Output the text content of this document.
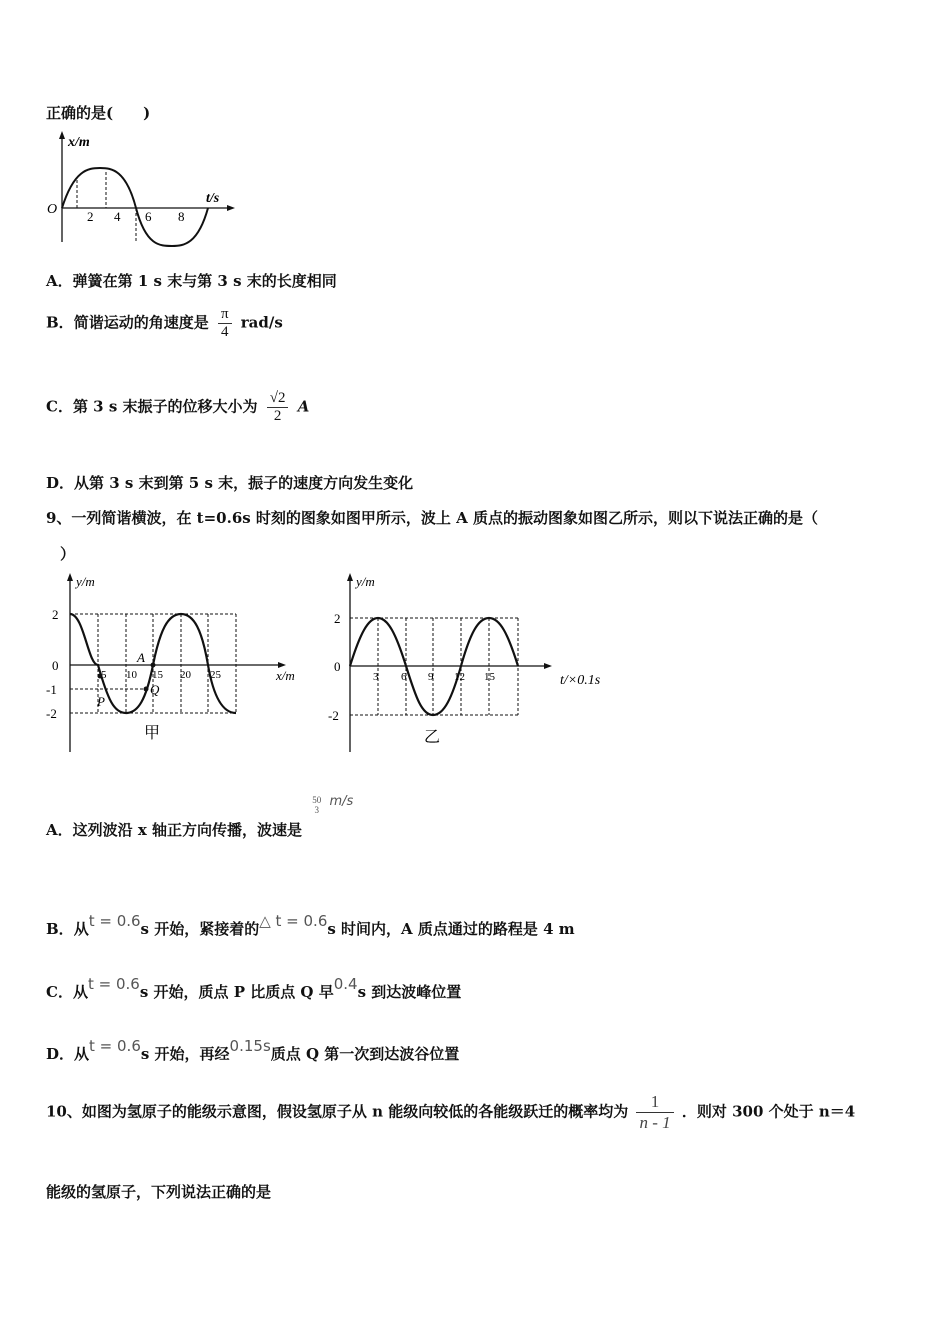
正确的是(　　)
x/m
t/s
O 2 4 6 8
A．弹簧在第 1 s 末与第 3 s 末的长度相同
B．简谐运动的角速度是 $\frac{\pi}{4} rad/s$
C．第 3 s 末振子的位移大小为 $\frac{√2}{2}$ A
D．从第 3 s 末到第 5 s 末，振子的速度方向发生变化
9、一列简谐横波，在 t=0.6s 时刻的图象如图甲所示，波上 A 质点的振动图象如图乙所示，则以下说法正确的是（
）
y/m
x/m
2
0
-1
-2
5 10 15 20 25
A
P
Q
甲
y/m
t/×0.1s
2
0
-2
3 6 9 12 15
乙
A．这列波沿 x 轴正方向传播，波速是
50
3
m/s
B．从t = 0.6s 开始，紧接着的△ t = 0.6s 时间内，A 质点通过的路程是 4 m
C．从t = 0.6s 开始，质点 P 比质点 Q 早0.4s 到达波峰位置
D．从t = 0.6s 开始，再经0.15s质点 Q 第一次到达波谷位置
10、如图为氢原子的能级示意图，假设氢原子从 n 能级向较低的各能级跃迁的概率均为 $\frac{1}{n - 1}$ ．则对 300 个处于 n＝4
能级的氢原子，下列说法正确的是
